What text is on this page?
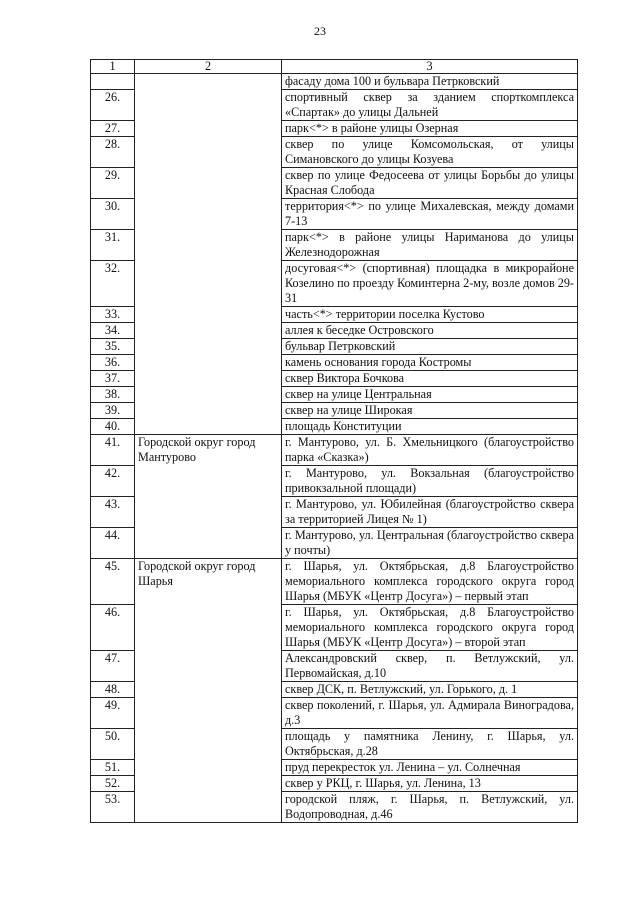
23
1	2	3
		фасаду дома 100 и бульвара Петрковский
26.		спортивный сквер за зданием спорткомплекса «Спартак» до улицы Дальней
27.		парк<*> в районе улицы Озерная
28.		сквер по улице Комсомольская, от улицы Симановского до улицы Козуева
29.		сквер по улице Федосеева от улицы Борьбы до улицы Красная Слобода
30.		территория<*> по улице Михалевская, между домами 7-13
31.		парк<*> в районе улицы Нариманова до улицы Железнодорожная
32.		досуговая<*> (спортивная) площадка в микрорайоне Козелино по проезду Коминтерна 2-му, возле домов 29-31
33.		часть<*> территории поселка Кустово
34.		аллея к беседке Островского
35.		бульвар Петрковский
36.		камень основания города Костромы
37.		сквер Виктора Бочкова
38.		сквер на улице Центральная
39.		сквер на улице Широкая
40.		площадь Конституции
41.	Городской округ город Мантурово	г. Мантурово, ул. Б. Хмельницкого (благоустройство парка «Сказка»)
42.		г. Мантурово, ул. Вокзальная (благоустройство привокзальной площади)
43.		г. Мантурово, ул. Юбилейная (благоустройство сквера за территорией Лицея № 1)
44.		г. Мантурово, ул. Центральная (благоустройство сквера у почты)
45.	Городской округ город Шарья	г. Шарья, ул. Октябрьская, д.8 Благоустройство мемориального комплекса городского округа город Шарья (МБУК «Центр Досуга») – первый этап
46.		г. Шарья, ул. Октябрьская, д.8 Благоустройство мемориального комплекса городского округа город Шарья (МБУК «Центр Досуга») – второй этап
47.		Александровский сквер, п. Ветлужский, ул. Первомайская, д.10
48.		сквер ДСК, п. Ветлужский, ул. Горького, д. 1
49.		сквер поколений, г. Шарья, ул. Адмирала Виноградова, д.3
50.		площадь у памятника Ленину, г. Шарья, ул. Октябрьская, д.28
51.		пруд перекресток ул. Ленина – ул. Солнечная
52.		сквер у РКЦ, г. Шарья, ул. Ленина, 13
53.		городской пляж, г. Шарья, п. Ветлужский, ул. Водопроводная, д.46
